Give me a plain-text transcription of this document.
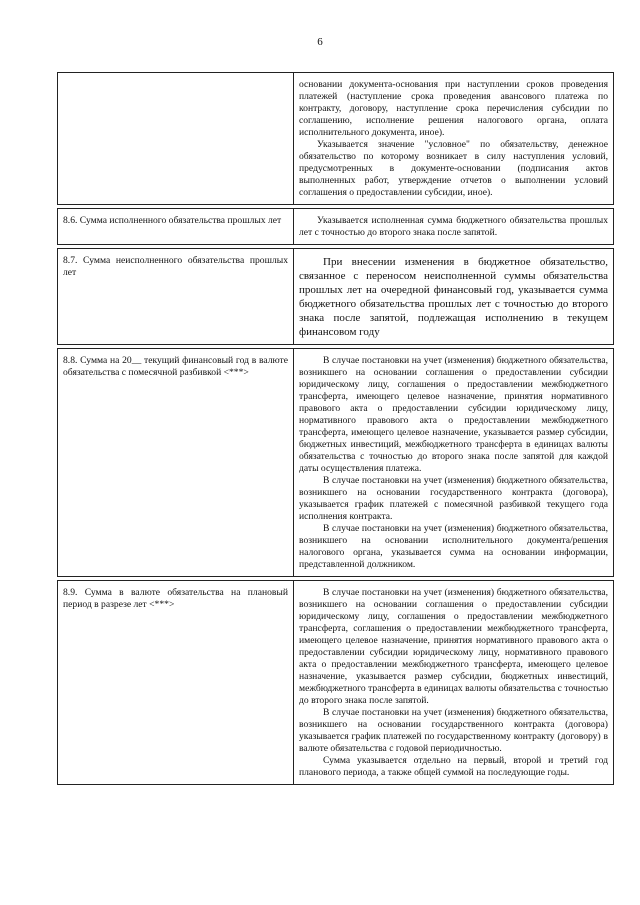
6

	основании документа-основания при наступлении сроков проведения платежей (наступление срока проведения авансового платежа по контракту, договору, наступление срока перечисления субсидии по соглашению, исполнение решения налогового органа, оплата исполнительного документа, иное).

Указывается значение "условное" по обязательству, денежное обязательство по которому возникает в силу наступления условий, предусмотренных в документе-основании (подписания актов выполненных работ, утверждение отчетов о выполнении условий соглашения о предоставлении субсидии, иное).

8.6. Сумма исполненного обязательства прошлых лет	Указывается исполненная сумма бюджетного обязательства прошлых лет с точностью до второго знака после запятой.

8.7. Сумма неисполненного обязательства прошлых лет	При внесении изменения в бюджетное обязательство, связанное с переносом неисполненной суммы обязательства прошлых лет на очередной финансовый год, указывается сумма бюджетного обязательства прошлых лет с точностью до второго знака после запятой, подлежащая исполнению в текущем финансовом году

8.8. Сумма на 20__ текущий финансовый год в валюте обязательства с помесячной разбивкой <***>	В случае постановки на учет (изменения) бюджетного обязательства, возникшего на основании соглашения о предоставлении субсидии юридическому лицу, соглашения о предоставлении межбюджетного трансферта, имеющего целевое назначение, принятия нормативного правового акта о предоставлении субсидии юридическому лицу, нормативного правового акта о предоставлении межбюджетного трансферта, имеющего целевое назначение, указывается размер субсидии, бюджетных инвестиций, межбюджетного трансферта в единицах валюты обязательства с точностью до второго знака после запятой для каждой даты осуществления платежа.

В случае постановки на учет (изменения) бюджетного обязательства, возникшего на основании государственного контракта (договора), указывается график платежей с помесячной разбивкой текущего года исполнения контракта.

В случае постановки на учет (изменения) бюджетного обязательства, возникшего на основании исполнительного документа/решения налогового органа, указывается сумма на основании информации, представленной должником.

8.9. Сумма в валюте обязательства на плановый период в разрезе лет <***>	В случае постановки на учет (изменения) бюджетного обязательства, возникшего на основании соглашения о предоставлении субсидии юридическому лицу, соглашения о предоставлении межбюджетного трансферта, соглашения о предоставлении межбюджетного трансферта, имеющего целевое назначение, принятия нормативного правового акта о предоставлении субсидии юридическому лицу, нормативного правового акта о предоставлении межбюджетного трансферта, имеющего целевое назначение, указывается размер субсидии, бюджетных инвестиций, межбюджетного трансферта в единицах валюты обязательства с точностью до второго знака после запятой.

В случае постановки на учет (изменения) бюджетного обязательства, возникшего на основании государственного контракта (договора) указывается график платежей по государственному контракту (договору) в валюте обязательства с годовой периодичностью.

Сумма указывается отдельно на первый, второй и третий год планового периода, а также общей суммой на последующие годы.
